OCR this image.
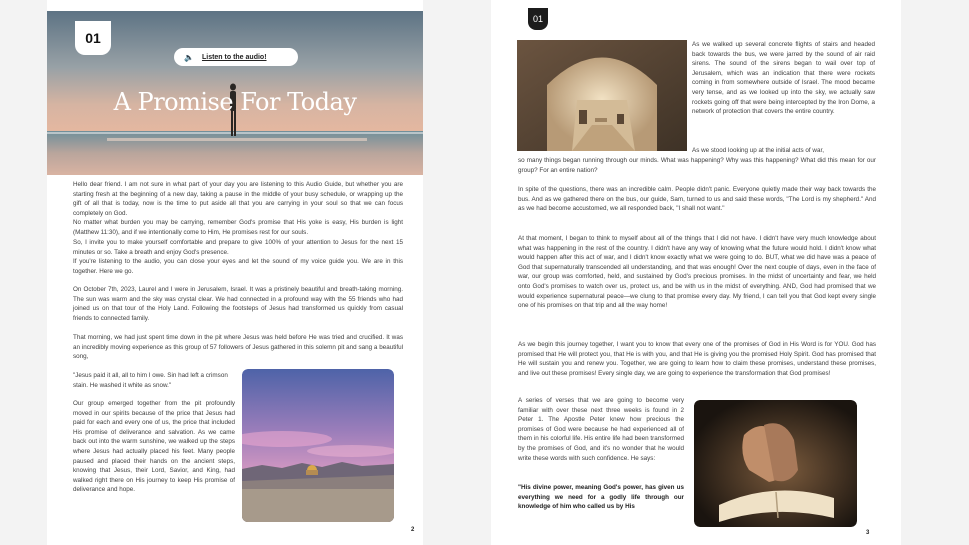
01
🔈 Listen to the audio!
A Promise For Today

Hello dear friend. I am not sure in what part of your day you are listening to this Audio Guide, but whether you are starting fresh at the beginning of a new day, taking a pause in the middle of your busy schedule, or wrapping up the gift of all that is today, now is the time to put aside all that you are carrying in your soul so that we can focus completely on God.

No matter what burden you may be carrying, remember God's promise that His yoke is easy, His burden is light (Matthew 11:30), and if we intentionally come to Him, He promises rest for our souls.

So, I invite you to make yourself comfortable and prepare to give 100% of your attention to Jesus for the next 15 minutes or so. Take a breath and enjoy God's presence.

If you're listening to the audio, you can close your eyes and let the sound of my voice guide you. We are in this together. Here we go.

On October 7th, 2023, Laurel and I were in Jerusalem, Israel. It was a pristinely beautiful and breath-taking morning. The sun was warm and the sky was crystal clear. We had connected in a profound way with the 55 friends who had joined us on that tour of the Holy Land. Following the footsteps of Jesus had transformed us quickly from casual friends to connected family.

That morning, we had just spent time down in the pit where Jesus was held before He was tried and crucified. It was an incredibly moving experience as this group of 57 followers of Jesus gathered in this solemn pit and sang a beautiful song,

"Jesus paid it all, all to him I owe. Sin had left a crimson stain. He washed it white as snow."

Our group emerged together from the pit profoundly moved in our spirits because of the price that Jesus had paid for each and every one of us, the price that included His promise of deliverance and salvation. As we came back out into the warm sunshine, we walked up the steps where Jesus had actually placed his feet. Many people paused and placed their hands on the ancient steps, knowing that Jesus, their Lord, Savior, and King, had walked right there on His journey to keep His promise of deliverance and hope.

2
01

As we walked up several concrete flights of stairs and headed back towards the bus, we were jarred by the sound of air raid sirens. The sound of the sirens began to wail over top of Jerusalem, which was an indication that there were rockets coming in from somewhere outside of Israel. The mood became very tense, and as we looked up into the sky, we actually saw rockets going off that were being intercepted by the Iron Dome, a network of protection that covers the entire country.

As we stood looking up at the initial acts of war,

so many things began running through our minds. What was happening? Why was this happening? What did this mean for our group? For an entire nation?

In spite of the questions, there was an incredible calm. People didn't panic. Everyone quietly made their way back towards the bus. And as we gathered there on the bus, our guide, Sam, turned to us and said these words, "The Lord is my shepherd." And as we had become accustomed, we all responded back, "I shall not want."

At that moment, I began to think to myself about all of the things that I did not have. I didn't have very much knowledge about what was happening in the rest of the country. I didn't have any way of knowing what the future would hold. I didn't know what would happen after this act of war, and I didn't know exactly what we were going to do. BUT, what we did have was a peace of God that supernaturally transcended all understanding, and that was enough! Over the next couple of days, even in the face of war, our group was comforted, held, and sustained by God's precious promises. In the midst of uncertainty and fear, we held onto God's promises to watch over us, protect us, and be with us in the midst of everything. AND, God had promised that we would experience supernatural peace—we clung to that promise every day. My friend, I can tell you that God kept every single one of his promises on that trip and all the way home!

As we begin this journey together, I want you to know that every one of the promises of God in His Word is for YOU. God has promised that He will protect you, that He is with you, and that He is giving you the promised Holy Spirit. God has promised that He will sustain you and renew you. Together, we are going to learn how to claim these promises, understand these promises, and live out these promises! Every single day, we are going to experience the transformation that God promises!

A series of verses that we are going to become very familiar with over these next three weeks is found in 2 Peter 1. The Apostle Peter knew how precious the promises of God were because he had experienced all of them in his colorful life. His entire life had been transformed by the promises of God, and it's no wonder that he would write these words with such confidence. He says:

"His divine power, meaning God's power, has given us everything we need for a godly life through our knowledge of him who called us by His

3
